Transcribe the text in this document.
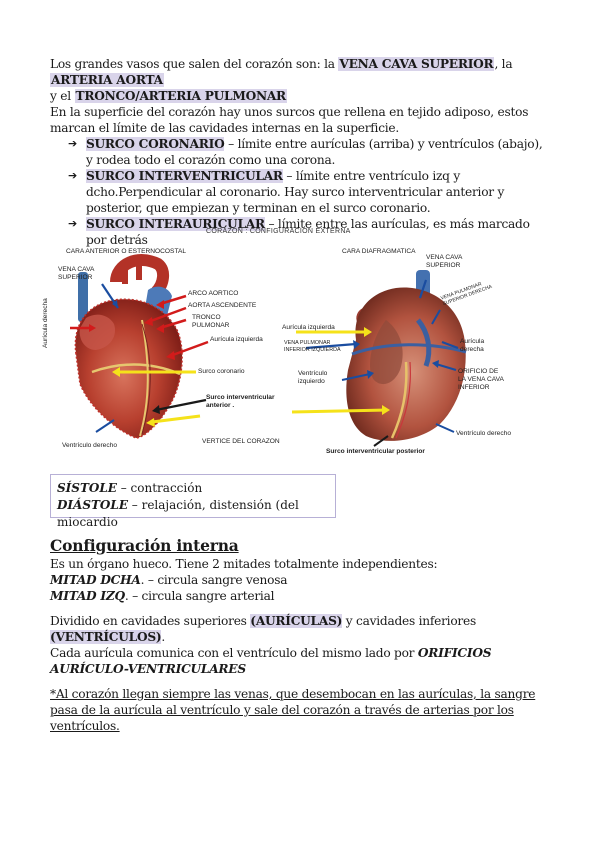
Los grandes vasos que salen del corazón son: la VENA CAVA SUPERIOR, la ARTERIA AORTA
y el TRONCO/ARTERIA PULMONAR
En la superficie del corazón hay unos surcos que rellena en tejido adiposo, estos marcan el límite de las cavidades internas en la superficie.
➔ SURCO CORONARIO – límite entre aurículas (arriba) y ventrículos (abajo), y rodea todo el corazón como una corona.
➔ SURCO INTERVENTRICULAR – límite entre ventrículo izq y dcho.Perpendicular al coronario. Hay surco interventricular anterior y posterior, que empiezan y terminan en el surco coronario.
➔ SURCO INTERAURICULAR – límite entre las aurículas, es más marcado por detrás
CORAZON : CONFIGURACION EXTERNA
CARA ANTERIOR O ESTERNOCOSTAL	CARA DIAFRAGMATICA
VENA CAVA
SUPERIOR
ARCO AORTICO
AORTA ASCENDENTE
TRONCO
PULMONAR
Aurícula izquierda
Aurícula derecha
Surco coronario
Surco interventricular
anterior .
Ventrículo derecho
VERTICE DEL CORAZON
VENA CAVA
SUPERIOR
VENA PULMONAR
SUPERIOR DERECHA
Aurícula izquierda
VENA PULMONAR
INFERIOR IZQUIERDA
Aurícula
derecha
Ventrículo
izquierdo
ORIFICIO DE
LA VENA CAVA
INFERIOR
Ventrículo derecho
Surco interventricular posterior
SÍSTOLE – contracción
DIÁSTOLE – relajación, distensión (del miocardio
Configuración interna
Es un órgano hueco. Tiene 2 mitades totalmente independientes:
MITAD DCHA. – circula sangre venosa
MITAD IZQ. – circula sangre arterial
Dividido en cavidades superiores (AURÍCULAS) y cavidades inferiores (VENTRÍCULOS).
Cada aurícula comunica con el ventrículo del mismo lado por ORIFICIOS AURÍCULO-VENTRICULARES
*Al corazón llegan siempre las venas, que desembocan en las aurículas, la sangre pasa de la aurícula al ventrículo y sale del corazón a través de arterias por los ventrículos.
